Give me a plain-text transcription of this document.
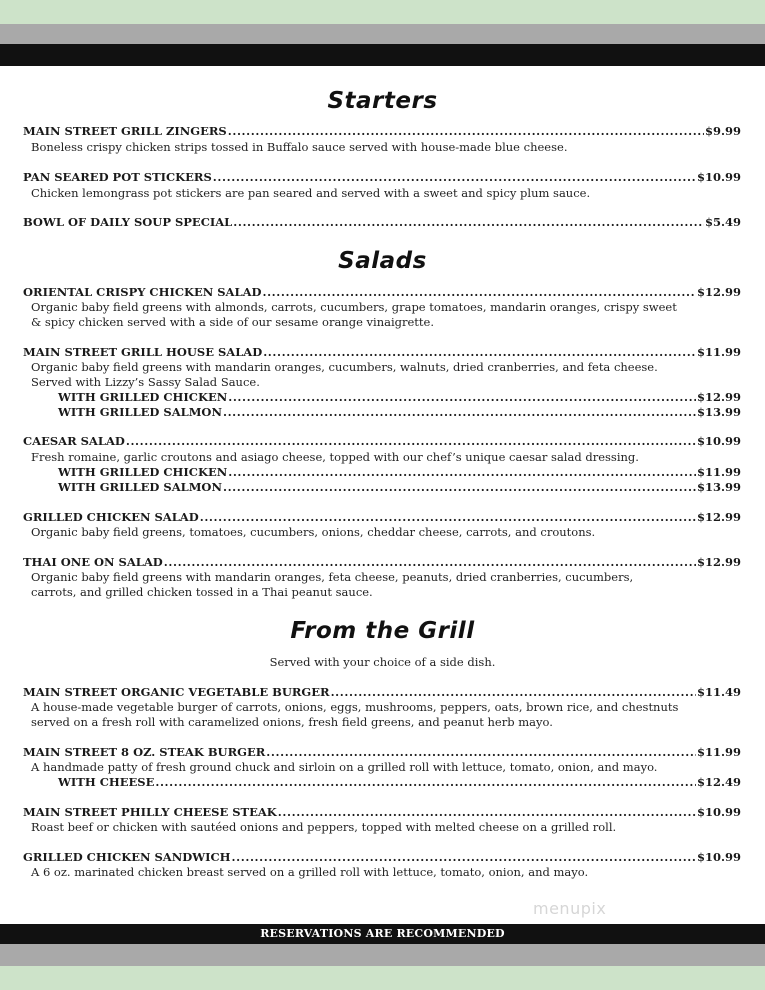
Starters
MAIN STREET GRILL ZINGERS .....	$9.99
Boneless crispy chicken strips tossed in Buffalo sauce served with house-made blue cheese.
PAN SEARED POT STICKERS .....	$10.99
Chicken lemongrass pot stickers are pan seared and served with a sweet and spicy plum sauce.
BOWL OF DAILY SOUP SPECIAL .....	$5.49
Salads
ORIENTAL CRISPY CHICKEN SALAD .....	$12.99
Organic baby field greens with almonds, carrots, cucumbers, grape tomatoes, mandarin oranges, crispy sweet
& spicy chicken served with a side of our sesame orange vinaigrette.
MAIN STREET GRILL HOUSE SALAD .....	$11.99
Organic baby field greens with mandarin oranges, cucumbers, walnuts, dried cranberries, and feta cheese.
Served with Lizzy’s Sassy Salad Sauce.
WITH GRILLED CHICKEN .....	$12.99
WITH GRILLED SALMON .....	$13.99
CAESAR SALAD .....	$10.99
Fresh romaine, garlic croutons and asiago cheese, topped with our chef’s unique caesar salad dressing.
WITH GRILLED CHICKEN .....	$11.99
WITH GRILLED SALMON .....	$13.99
GRILLED CHICKEN SALAD .....	$12.99
Organic baby field greens, tomatoes, cucumbers, onions, cheddar cheese, carrots, and croutons.
THAI ONE ON SALAD .....	$12.99
Organic baby field greens with mandarin oranges, feta cheese, peanuts, dried cranberries, cucumbers,
carrots, and grilled chicken tossed in a Thai peanut sauce.
From the Grill
Served with your choice of a side dish.
MAIN STREET ORGANIC VEGETABLE BURGER .....	$11.49
A house-made vegetable burger of carrots, onions, eggs, mushrooms, peppers, oats, brown rice, and chestnuts
served on a fresh roll with caramelized onions, fresh field greens, and peanut herb mayo.
MAIN STREET 8 OZ. STEAK BURGER .....	$11.99
A handmade patty of fresh ground chuck and sirloin on a grilled roll with lettuce, tomato, onion, and mayo.
WITH CHEESE .....	$12.49
MAIN STREET PHILLY CHEESE STEAK .....	$10.99
Roast beef or chicken with sautéed onions and peppers, topped with melted cheese on a grilled roll.
GRILLED CHICKEN SANDWICH .....	$10.99
A 6 oz. marinated chicken breast served on a grilled roll with lettuce, tomato, onion, and mayo.
menupix
RESERVATIONS ARE RECOMMENDED
